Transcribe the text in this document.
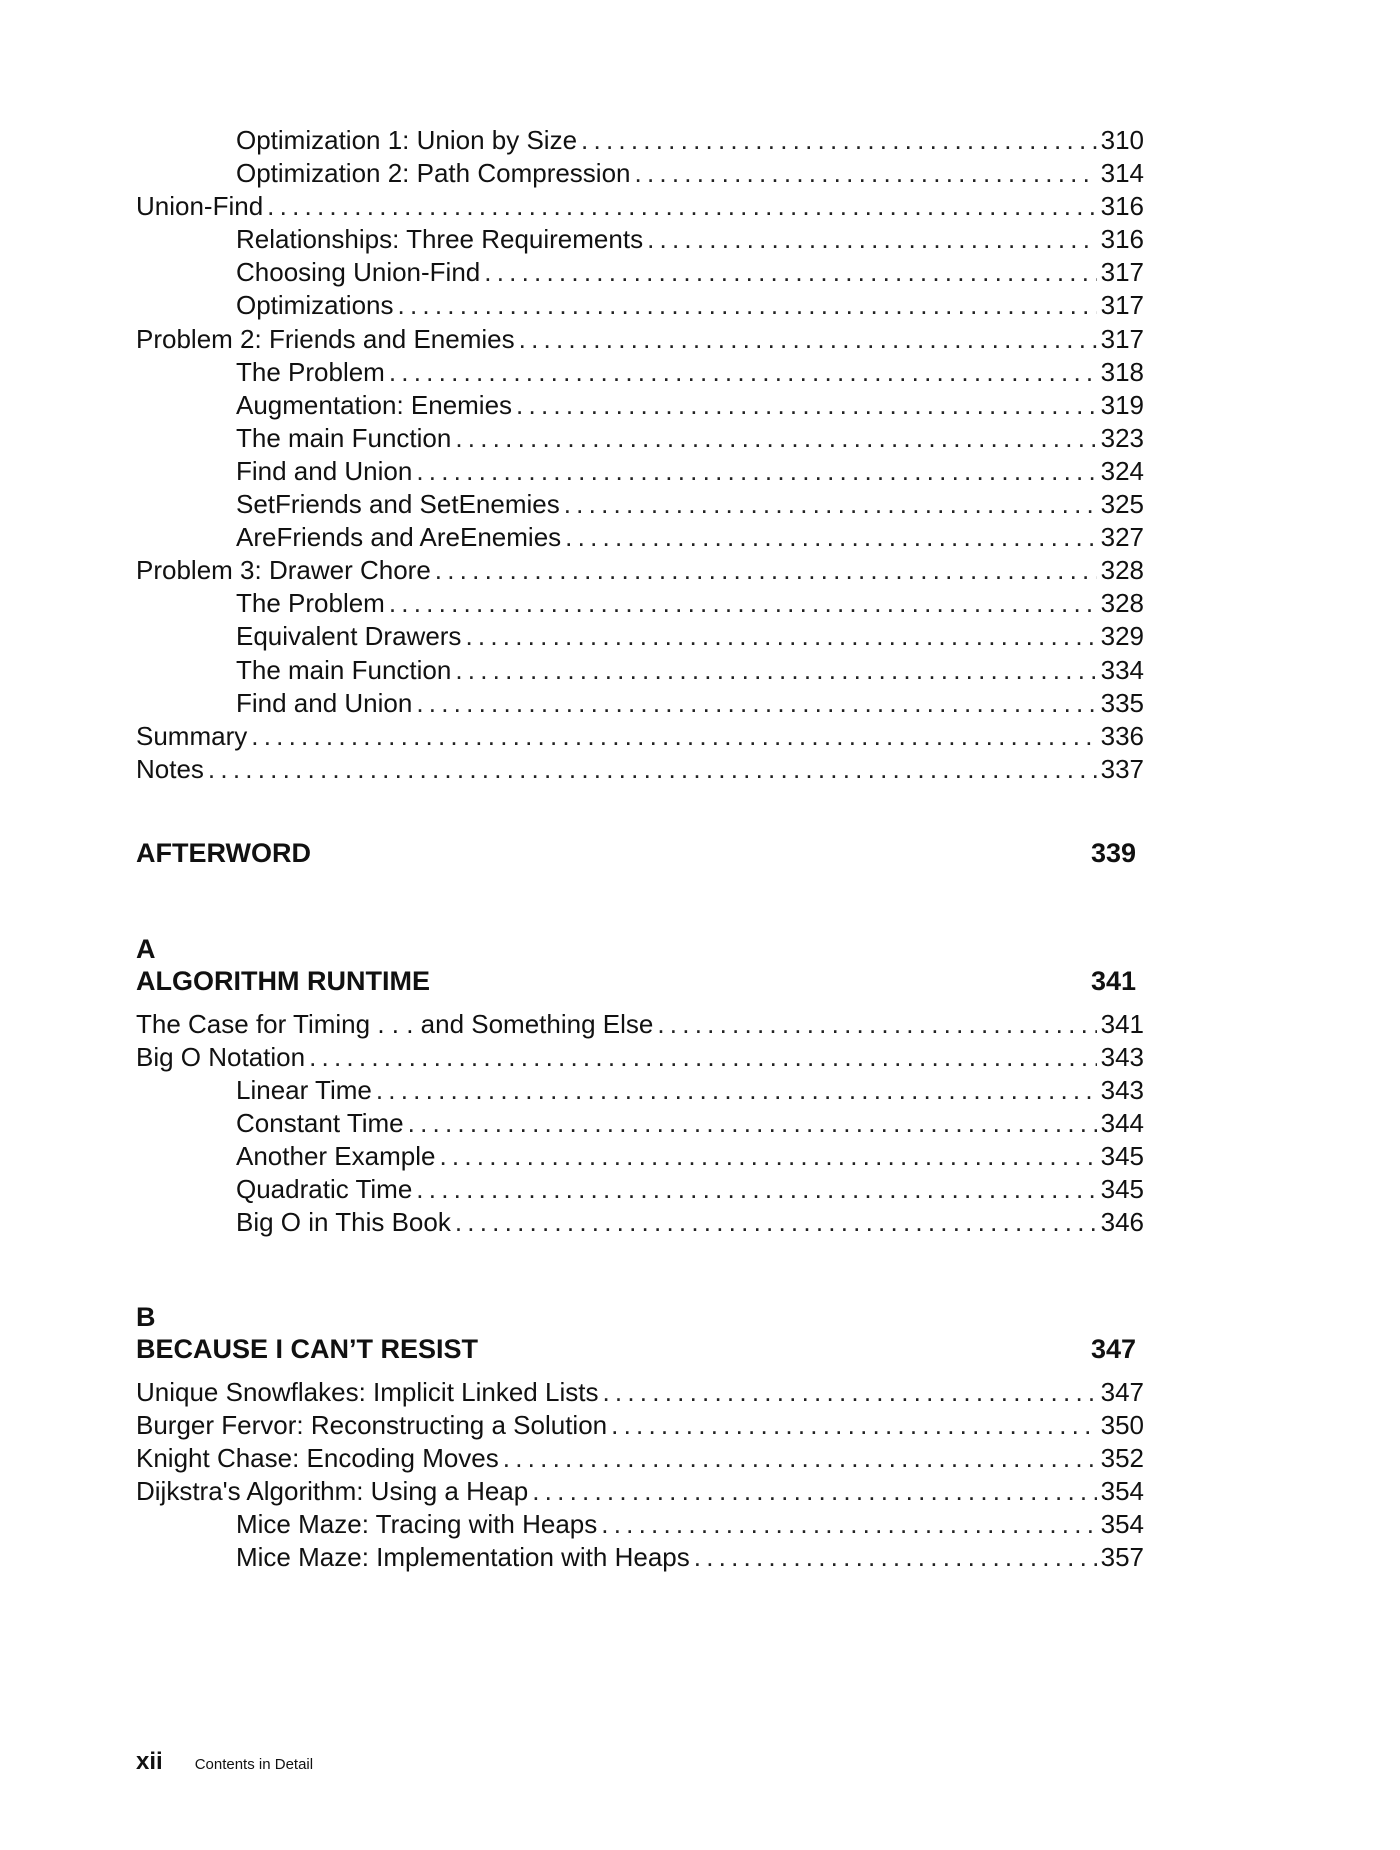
Optimization 1: Union by Size . . .	310
Optimization 2: Path Compression . . .	314
Union-Find . . .	316
Relationships: Three Requirements . . .	316
Choosing Union-Find . . .	317
Optimizations . . .	317
Problem 2: Friends and Enemies . . .	317
The Problem . . .	318
Augmentation: Enemies . . .	319
The main Function . . .	323
Find and Union . . .	324
SetFriends and SetEnemies . . .	325
AreFriends and AreEnemies . . .	327
Problem 3: Drawer Chore . . .	328
The Problem . . .	328
Equivalent Drawers . . .	329
The main Function . . .	334
Find and Union . . .	335
Summary . . .	336
Notes . . .	337
AFTERWORD	339
A
ALGORITHM RUNTIME	341
The Case for Timing . . . and Something Else . . .	341
Big O Notation . . .	343
Linear Time . . .	343
Constant Time . . .	344
Another Example . . .	345
Quadratic Time . . .	345
Big O in This Book . . .	346
B
BECAUSE I CAN’T RESIST	347
Unique Snowflakes: Implicit Linked Lists . . .	347
Burger Fervor: Reconstructing a Solution . . .	350
Knight Chase: Encoding Moves . . .	352
Dijkstra's Algorithm: Using a Heap . . .	354
Mice Maze: Tracing with Heaps . . .	354
Mice Maze: Implementation with Heaps . . .	357
xii Contents in Detail
